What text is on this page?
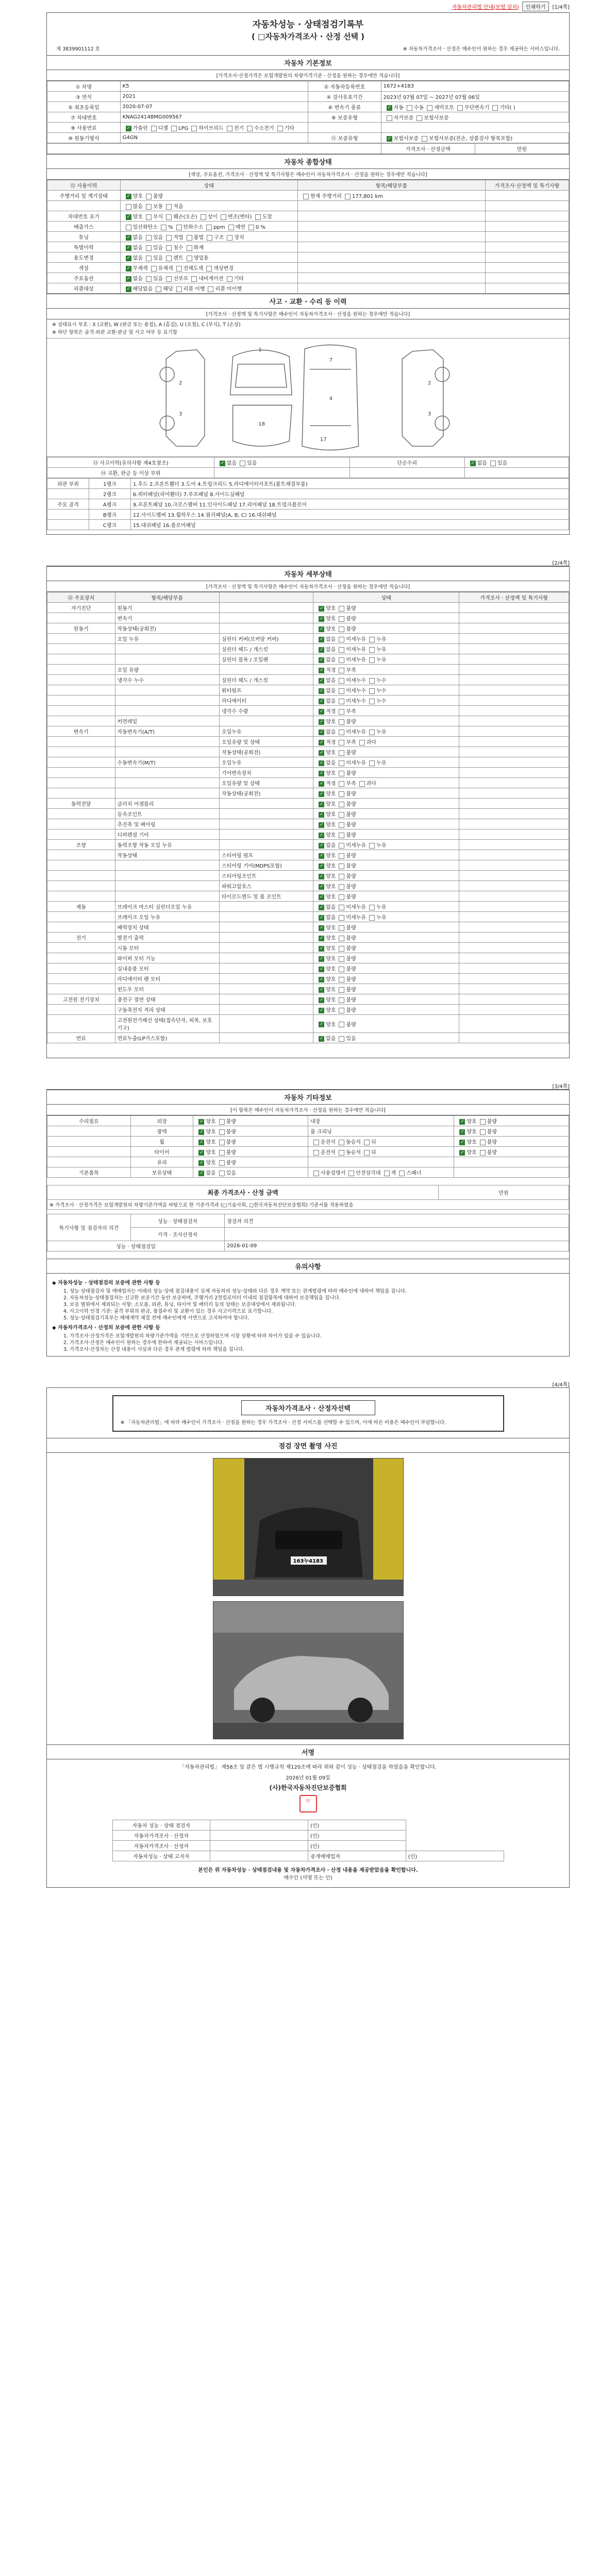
자동차관리법 안내(보험 설치)	인쇄하기	[1/4쪽]
자동차성능 · 상태점검기록부
( □자동차가격조사 · 산정 선택 )
제 3839901112 호	※ 자동차가격조사 · 산정은 매수인이 원하는 경우 제공하는 서비스입니다.
자동차 기본정보
[가격조사·산정가격은 보험개발원의 차량가격기준 · 산정을 원하는 경우에만 적습니다]
① 차명	K5	② 자동차등록번호	1672+4183
③ 연식	2021	④ 검사유효기간	2023년 07월 07일 ~ 2027년 07월 06일
⑤ 최초등록일	2020-07-07	⑥ 변속기 종류	✓자동 수동 세미오토 무단변속기 기타( )
⑦ 차대번호	KNAG2414BMG009567	⑧ 보증유형	자가보증 보험사보증
⑨ 사용연료	✓가솔린 디젤 LPG 하이브리드 전기 수소전기 기타	
⑩ 원동기형식	G4GN	⑪ 보증유형	✓보험사보증 보험사보증(전손, 상품검사 항목포함)
	가격조사 · 산정금액	만원
자동차 종합상태
[색상, 주요옵션, 가격조사 · 산정액 및 특기사항은 매수인이 자동차가격조사 · 산정을 원하는 경우에만 적습니다]
⑫ 사용이력	상태	항목/해당부품	가격조사·산정액 및 특기사항
주행거리 및 계기상태	✓양호 불량	현재 주행거리 177,801 km	
	많음 보통 적음		
차대번호 표기	✓양호 부식 훼손(오손) 상이 변조(변타) 도말		
배출가스	일산화탄소 % 탄화수소 ppm 매연 0 %		
튜닝	✓없음 있음 적법 불법 구조 장치		
특별이력	✓없음 있음 침수 화재		
용도변경	✓없음 있음 렌트 영업용		
색상	✓무채색 유채색 전체도색 색상변경		
주요옵션	✓없음 있음 선루프 내비게이션 기타		
리콜대상	✓해당없음 해당 리콜 이행 리콜 미이행		
사고 · 교환 · 수리 등 이력
[가격조사 · 산정액 및 특기사항은 매수인이 자동차가격조사 · 산정을 원하는 경우에만 적습니다]
※ 상태표시 부호 : X (교환), W (판금 또는 용접), A (흠집), U (요철), C (부식), T (손상)
※ 하단 항목은 골격·외판 교환·판금 및 사고 여부 등 표기함
1
7
4
2
3
2
3
18
17
⑬ 사고이력(유의사항 제4호참조)	✓없음 있음	단순수리	✓없음 있음
⑭ 교환, 판금 등 이상 부위			
외판 부위	1랭크	1.후드 2.프론트휀더 3.도어 4.트렁크리드 5.라디에이터서포트(볼트체결부품)
	2랭크	6.쿼터패널(리어휀더) 7.루프패널 8.사이드실패널
주요 골격	A랭크	9.프론트패널 10.크로스멤버 11.인사이드패널 17.리어패널 18.트렁크플로어
	B랭크	12.사이드멤버 13.휠하우스 14.필러패널(A, B, C) 16.대쉬패널
	C랭크	15.대쉬패널 16.플로어패널
[2/4쪽]
자동차 세부상태
[가격조사 · 산정액 및 특기사항은 매수인이 자동차가격조사 · 산정을 원하는 경우에만 적습니다]
⑮ 주요장치	항목/해당부품		상태	가격조사 · 산정액 및 특기사항
자기진단	원동기		✓양호 불량	
	변속기		✓양호 불량	
원동기	작동상태(공회전)		✓양호 불량	
	오일 누유	실린더 커버(로커암 커버)	✓없음 미세누유 누유	
		실린더 헤드 / 개스킷	✓없음 미세누유 누유	
		실린더 블록 / 오일팬	✓없음 미세누유 누유	
	오일 유량		✓적정 부족	
	냉각수 누수	실린더 헤드 / 개스킷	✓없음 미세누수 누수	
		워터펌프	✓없음 미세누수 누수	
		라디에이터	✓없음 미세누수 누수	
		냉각수 수량	✓적정 부족	
	커먼레일		✓양호 불량	
변속기	자동변속기(A/T)	오일누유	✓없음 미세누유 누유	
		오일유량 및 상태	✓적정 부족 과다	
		작동상태(공회전)	✓양호 불량	
	수동변속기(M/T)	오일누유	✓없음 미세누유 누유	
		기어변속장치	✓양호 불량	
		오일유량 및 상태	✓적정 부족 과다	
		작동상태(공회전)	✓양호 불량	
동력전달	클러치 어셈블리		✓양호 불량	
	등속조인트		✓양호 불량	
	추진축 및 베어링		✓양호 불량	
	디퍼렌셜 기어		✓양호 불량	
조향	동력조향 작동 오일 누유		✓없음 미세누유 누유	
	작동상태	스티어링 펌프	✓양호 불량	
		스티어링 기어(MDPS포함)	✓양호 불량	
		스티어링조인트	✓양호 불량	
		파워고압호스	✓양호 불량	
		타이로드엔드 및 볼 조인트	✓양호 불량	
제동	브레이크 마스터 실린더오일 누유		✓없음 미세누유 누유	
	브레이크 오일 누유		✓없음 미세누유 누유	
	배력장치 상태		✓양호 불량	
전기	발전기 출력		✓양호 불량	
	시동 모터		✓양호 불량	
	와이퍼 모터 기능		✓양호 불량	
	실내송풍 모터		✓양호 불량	
	라디에이터 팬 모터		✓양호 불량	
	윈도우 모터		✓양호 불량	
고전원 전기장치	충전구 절연 상태		✓양호 불량	
	구동축전지 격리 상태		✓양호 불량	
	고전원전기배선 상태(접속단자, 피복, 보호기구)		✓양호 불량	
연료	연료누출(LP가스포함)		✓없음 있음	
[3/4쪽]
자동차 기타정보
[이 항목은 매수인이 자동차가격조사 · 산정을 원하는 경우에만 적습니다]
수리필요	외장	✓양호 불량	내장	✓양호 불량
	광택	✓양호 불량	룸 크리닝	✓양호 불량
	휠	✓양호 불량	운전석 동승석 뒤	✓양호 불량
	타이어	✓양호 불량	운전석 동승석 뒤	✓양호 불량
	유리	✓양호 불량		
기본품목	보유상태	✓없음 있음	사용설명서 안전삼각대 잭 스패너	
최종 가격조사 · 산정 금액	만원
※ 가격조사 · 산정가격은 보험개발원의 차량기준가액을 바탕으로 한 기준가격과 (□기술사회, □한국자동차진단보증협회) 기준서를 적용하였음
특기사항 및 점검자의 의견	성능 · 상태점검자	점검자 의견
	가격 · 조사산정자	
성능 · 상태점검일		2026-01-09
유의사항
◆ 자동차성능 · 상태점검의 보증에 관한 사항 등
1. 성능·상태점검자 및 매매업자는 아래의 성능·상태 점검내용이 실제 자동차의 성능·상태와 다른 경우 계약 또는 관계법령에 따라 매수인에 대하여 책임을 집니다.
2. 자동차성능·상태점검자는 신고한 보증기간 동안 보증하며, 주행거리 2천킬로미터 이내의 점검항목에 대하여 보증책임을 집니다.
3. 보증 범위에서 제외되는 사항: 소모품, 외관, 튜닝, 타이어 및 배터리 등의 상태는 보증대상에서 제외됩니다.
4. 사고이력 인정 기준: 골격 부위의 판금, 용접수리 및 교환이 있는 경우 사고이력으로 표기합니다.
5. 성능·상태점검기록부는 매매계약 체결 전에 매수인에게 서면으로 고지하여야 합니다.
◆ 자동차가격조사 · 산정의 보증에 관한 사항 등
1. 가격조사·산정가격은 보험개발원의 차량기준가액을 기반으로 산정하였으며 시장 상황에 따라 차이가 있을 수 있습니다.
2. 가격조사·산정은 매수인이 원하는 경우에 한하여 제공되는 서비스입니다.
3. 가격조사·산정자는 산정 내용이 사실과 다른 경우 관계 법령에 따라 책임을 집니다.
[4/4쪽]
자동차가격조사 · 산정자선택
※ 「자동차관리법」에 따라 매수인이 가격조사 · 산정을 원하는 경우 가격조사 · 산정 서비스를 선택할 수 있으며, 이에 따른 비용은 매수인이 부담합니다.
점검 장면 촬영 사진
163누4183
서명
「자동차관리법」 제58조 및 같은 법 시행규칙 제120조에 따라 위와 같이 성능 · 상태점검을 하였음을 확인합니다.
2026년 01월 09일
(사)한국자동차진단보증협회
印
자동차 성능 · 상태 점검자		(인)	
자동차가격조사 · 산정자		(인)	
자동차가격조사 · 산정자		(인)	
자동차성능 · 상태 고지자		중개매매업자	(인)
본인은 위 자동차성능 · 상태점검내용 및 자동차가격조사 · 산정 내용을 제공받았음을 확인합니다.
매수인 (서명 또는 인)
